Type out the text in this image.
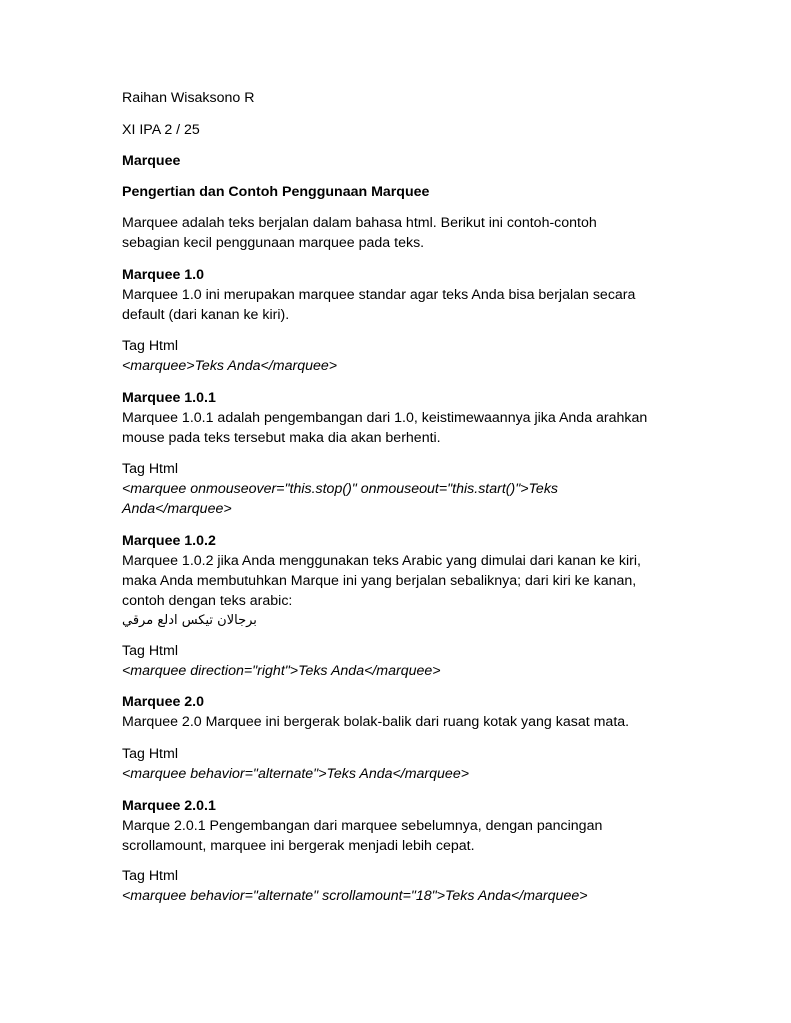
Raihan Wisaksono R

XI IPA 2 / 25

Marquee

Pengertian dan Contoh Penggunaan Marquee

Marquee adalah teks berjalan dalam bahasa html. Berikut ini contoh-contoh
sebagian kecil penggunaan marquee pada teks.

Marquee 1.0
Marquee 1.0 ini merupakan marquee standar agar teks Anda bisa berjalan secara
default (dari kanan ke kiri).
Tag Html
<marquee>Teks Anda</marquee>
Marquee 1.0.1
Marquee 1.0.1 adalah pengembangan dari 1.0, keistimewaannya jika Anda arahkan
mouse pada teks tersebut maka dia akan berhenti.
Tag Html
<marquee onmouseover="this.stop()" onmouseout="this.start()">Teks
Anda</marquee>
Marquee 1.0.2
Marquee 1.0.2 jika Anda menggunakan teks Arabic yang dimulai dari kanan ke kiri,
maka Anda membutuhkan Marque ini yang berjalan sebaliknya; dari kiri ke kanan,
contoh dengan teks arabic:
برجالان تيكس ادلع مرقي
Tag Html
<marquee direction="right">Teks Anda</marquee>
Marquee 2.0
Marquee 2.0 Marquee ini bergerak bolak-balik dari ruang kotak yang kasat mata.
Tag Html
<marquee behavior="alternate">Teks Anda</marquee>
Marquee 2.0.1
Marque 2.0.1 Pengembangan dari marquee sebelumnya, dengan pancingan
scrollamount, marquee ini bergerak menjadi lebih cepat.
Tag Html
<marquee behavior="alternate" scrollamount="18">Teks Anda</marquee>
